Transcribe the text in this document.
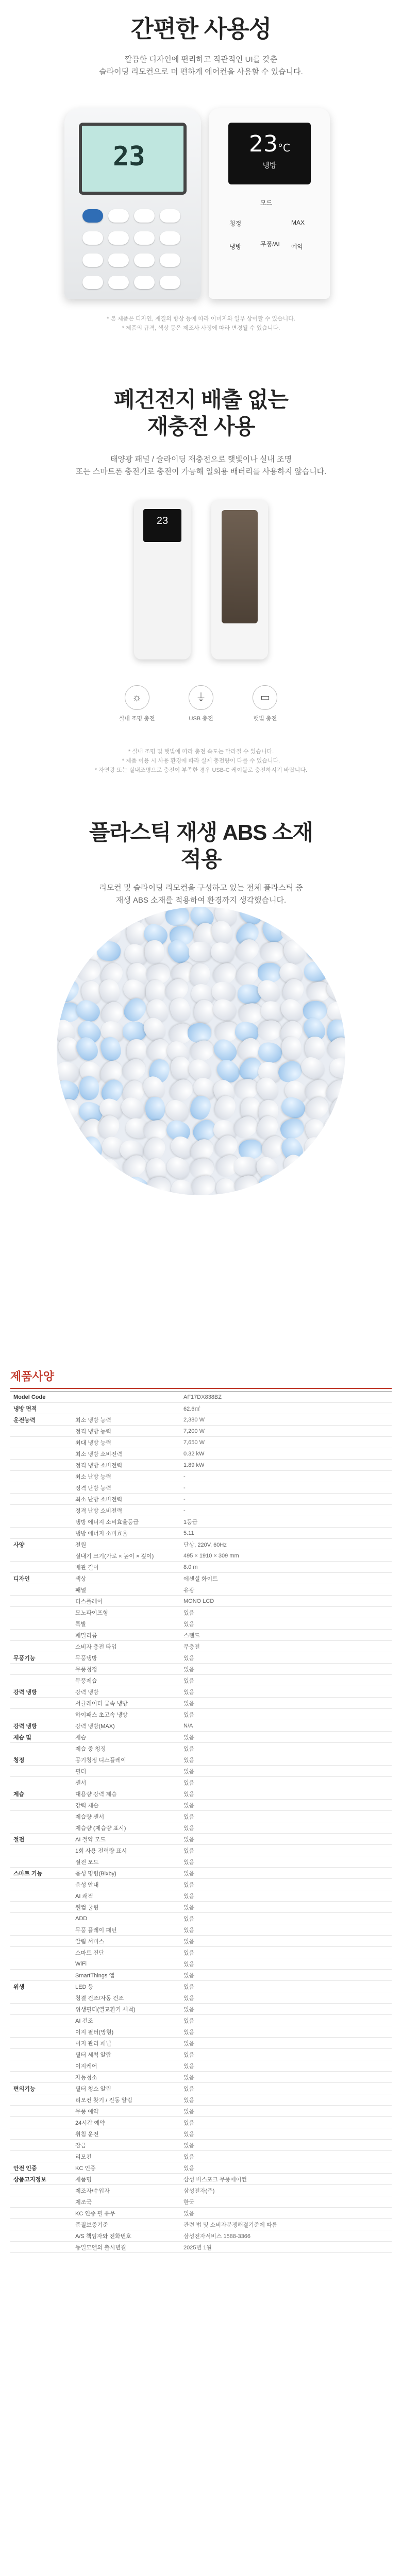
간편한 사용성

깔끔한 디자인에 편리하고 직관적인 UI를 갖춘
슬라이딩 리모컨으로 더 편하게 에어컨을 사용할 수 있습니다.

23
	23°C
냉방
모드
청정	MAX
냉방	무풍/AI 예약

* 본 제품은 디자인, 재질의 향상 등에 따라 이미지와 일부 상이할 수 있습니다.
* 제품의 규격, 색상 등은 제조사 사정에 따라 변경될 수 있습니다.

폐건전지 배출 없는
재충전 사용

태양광 패널 / 슬라이딩 재충전으로 햇빛이나 실내 조명
또는 스마트폰 충전기로 충전이 가능해 일회용 배터리를 사용하지 않습니다.

23
☼
실내 조명 충전

⏚
USB 충전

▭
햇빛 충전

* 실내 조명 및 햇빛에 따라 충전 속도는 달라질 수 있습니다.
* 제품 이용 시 사용 환경에 따라 실제 충전량이 다를 수 있습니다.
* 자연광 또는 실내조명으로 충전이 부족한 경우 USB-C 케이블로 충전하시기 바랍니다.

플라스틱 재생 ABS 소재
적용

리모컨 및 슬라이딩 리모컨을 구성하고 있는 전체 플라스틱 중
재생 ABS 소재를 적용하여 환경까지 생각했습니다.

제품사양
Model Code		AF17DX838BZ
냉방 면적		62.6㎡
운전능력	최소 냉방 능력	2,380 W
	정격 냉방 능력	7,200 W
	최대 냉방 능력	7,650 W
	최소 냉방 소비전력	0.32 kW
	정격 냉방 소비전력	1.89 kW
	최소 난방 능력	-
	정격 난방 능력	-
	최소 난방 소비전력	-
	정격 난방 소비전력	-
	냉방 에너지 소비효율등급	1등급
	냉방 에너지 소비효율	5.11
사양	전원	단상, 220V, 60Hz
	실내기 크기(가로 × 높이 × 깊이)	495 × 1910 × 309 mm
	배관 길이	8.0 m
디자인	색상	에센셜 화이트
	패널	유광
	디스플레이	MONO LCD
	모노파이프형	있음
	특발	있음
	패밀리룸	스탠드
	소비자 충전 타입	무충전
무풍기능	무풍냉방	있음
	무풍청정	있음
	무풍제습	있음
강력 냉방	강력 냉방	있음
	서큘레이터 급속 냉방	있음
	하이패스 초고속 냉방	있음
강력 냉방	강력 냉방(MAX)	N/A
제습 및	제습	있음
	제습 중 청정	있음
청정	공기청정 디스플레이	있음
	필터	있음
	센서	있음
제습	대용량 강력 제습	있음
	강력 제습	있음
	제습량 센서	있음
	제습량 (제습량 표시)	있음
절전	AI 절약 모드	있음
	1회 사용 전력량 표시	있음
	절전 모드	있음
스마트 기능	음성 명령(Bixby)	있음
	음성 안내	있음
	AI 쾌적	있음
	웰컴 쿨링	있음
	ADD	있음
	무풍 플레이 패턴	있음
	알림 서비스	있음
	스마트 진단	있음
	WiFi	있음
	SmartThings 앱	있음
위생	LED 등	있음
	청결 건조/자동 건조	있음
	위생필터(열교환기 세척)	있음
	AI 건조	있음
	이지 필터(망형)	있음
	이지 관리 패널	있음
	필터 세척 알람	있음
	이지케어	있음
	자동청소	있음
편의기능	필터 청소 알림	있음
	리모컨 찾기 / 진동 알림	있음
	무풍 예약	있음
	24시간 예약	있음
	취침 운전	있음
	잠금	있음
	리모컨	있음
안전 인증	KC 인증	있음
상품고지정보	제품명	삼성 비스포크 무풍에어컨
	제조자/수입자	삼성전자(주)
	제조국	한국
	KC 인증 필 유무	있음
	품질보증기준	관련 법 및 소비자분쟁해결기준에 따름
	A/S 책임자와 전화번호	삼성전자서비스 1588-3366
	동일모델의 출시년월	2025년 1월
